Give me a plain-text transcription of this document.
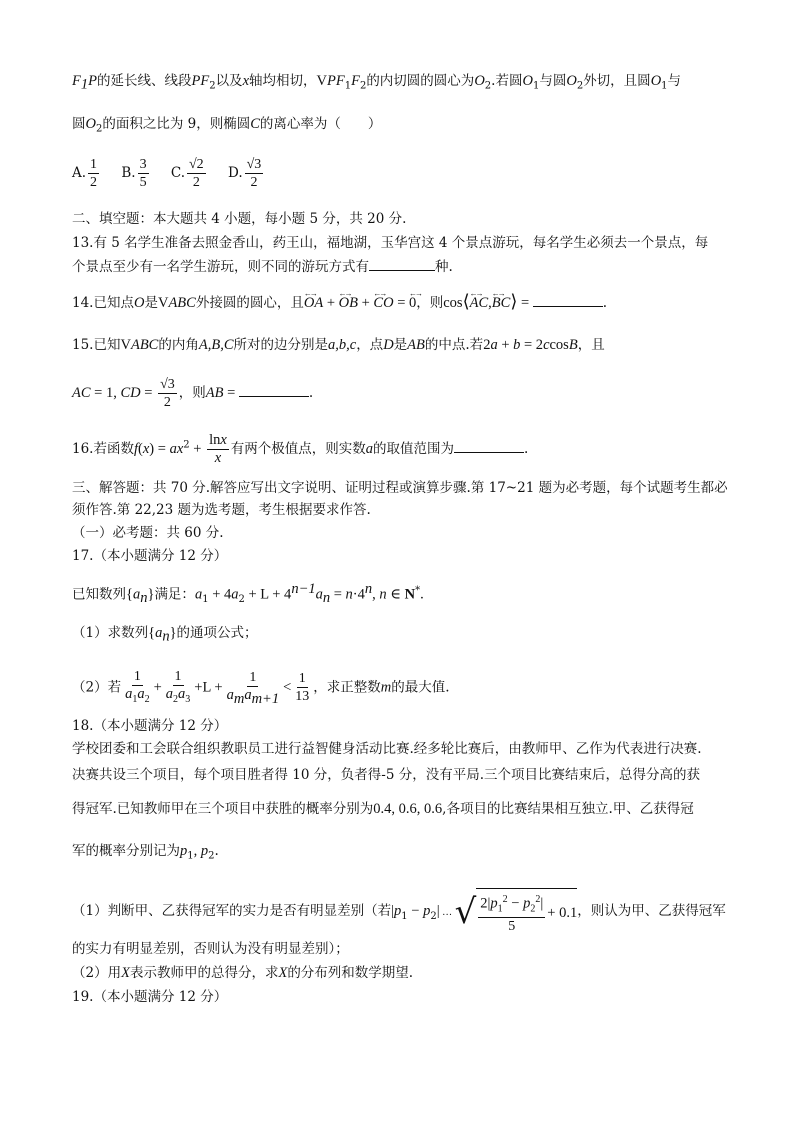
$F_1P$的延长线、线段$PF_2$以及x轴均相切，$VPF_1F_2$的内切圆的圆心为$O_2$.若圆$O_1$与圆$O_2$外切，且圆$O_1$与
圆$O_2$的面积之比为 9，则椭圆C的离心率为（　　）
A. $\frac{1}{2} B$. $\frac{3}{5} C$. $\frac{√2}{2} D$. $\frac{√3}{2}$
二、填空题：本大题共 4 小题，每小题 5 分，共 20 分.
13.有 5 名学生准备去照金香山，药王山，福地湖，玉华宫这 4 个景点游玩，每名学生必须去一个景点，每
个景点至少有一名学生游玩，则不同的游玩方式有	种.
14.已知点O是VABC外接圆的圆心，且←→ OA + ←→ OB + ←→ CO = ←→ 0，则cos⟨←→ AC,←→ BC⟩ =	.
15.已知VABC的内角A,B,C所对的边分别是a,b,c，点D是AB的中点.若2a + b = 2ccosB，且
AC = 1, CD = $\frac{√3}{2}$ ，则AB =	.
16.若函数$f(x) = ax^2 + \frac{\ln x}{x}$ 有两个极值点，则实数a的取值范围为	.
三、解答题：共 70 分.解答应写出文字说明、证明过程或演算步骤.第 17~21 题为必考题，每个试题考生都必
须作答.第 22,23 题为选考题，考生根据要求作答.
（一）必考题：共 60 分.
17.（本小题满分 12 分）
已知数列$\{a_n\}$满足：$a_1 + 4a_2 + L + 4^{n-1}a_n = n\cdot 4^n$, n ∈ N*.
（1）求数列$\{a_n\}$的通项公式；
（2）若 $\frac{1}{a_1a_2} + \frac{1}{a_2a_3} +L + \frac{1}{a_ma_{m+1}} < \frac{1}{13}$ ，求正整数m的最大值.
18.（本小题满分 12 分）
学校团委和工会联合组织教职员工进行益智健身活动比赛.经多轮比赛后，由教师甲、乙作为代表进行决赛.
决赛共设三个项目，每个项目胜者得 10 分，负者得-5 分，没有平局.三个项目比赛结束后，总得分高的获
得冠军.已知教师甲在三个项目中获胜的概率分别为0.4, 0.6, 0.6,各项目的比赛结果相互独立.甲、乙获得冠
军的概率分别记为$p_1$, $p_2$.
（1）判断甲、乙获得冠军的实力是否有明显差别（若$|p_1 - p_2|$ … √ $\frac{2|p_1^2 - p_2^2|}{5} + 0.1$ ，则认为甲、乙获得冠军
的实力有明显差别，否则认为没有明显差别）；
（2）用X表示教师甲的总得分，求X的分布列和数学期望.
19.（本小题满分 12 分）
